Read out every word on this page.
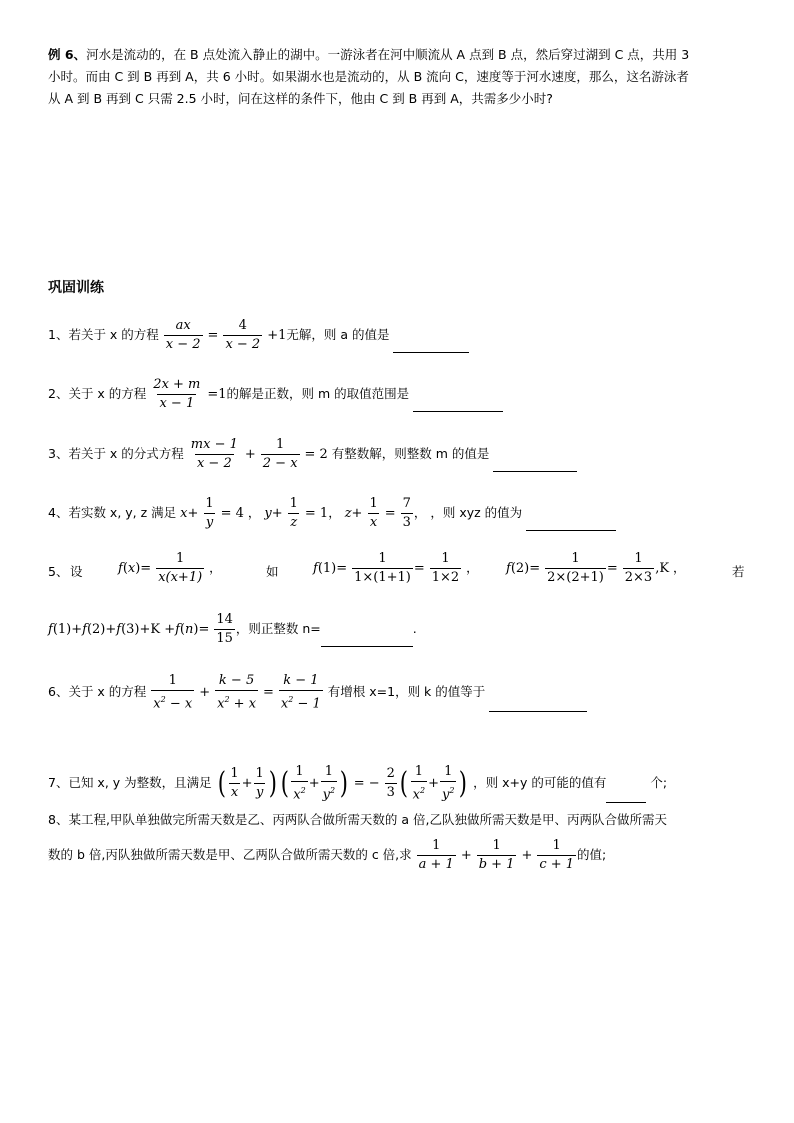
例 6、河水是流动的，在 B 点处流入静止的湖中。一游泳者在河中顺流从 A 点到 B 点，然后穿过湖到 C 点，共用 3
小时。而由 C 到 B 再到 A，共 6 小时。如果湖水也是流动的，从 B 流向 C，速度等于河水速度，那么，这名游泳者
从 A 到 B 再到 C 只需 2.5 小时，问在这样的条件下，他由 C 到 B 再到 A，共需多少小时?
巩固训练
1、若关于 x 的方程 $\frac{ax}{x - 2} = \frac{4}{x - 2} +1$无解，则 a 的值是
2、关于 x 的方程 $\frac{2x + m}{x - 1} =1$的解是正数，则 m 的取值范围是
3、若关于 x 的分式方程 $\frac{mx - 1}{x - 2} + \frac{1}{2 - x} = 2$ 有整数解，则整数 m 的值是
4、若实数 x, y, z 满足 $x+ \frac{1}{y} = 4$ ， $y+ \frac{1}{z} = 1$， $z+ \frac{1}{x} = \frac{7}{3}$ ， ，则 xyz 的值为
5、 设	$f(x)= \frac{1}{x(x+1)}$ ，	如	$f(1)= \frac{1}{1\times(1+1)} = \frac{1}{1\times 2}$ ， $f(2)= \frac{1}{2\times(2+1)} = \frac{1}{2\times 3} ,K$ ，	若
$f(1)+f(2)+f(3)+K +f(n)= \frac{14}{15}$ ，则正整数 n=	.
6、关于 x 的方程 $\frac{1}{x^2 - x} + \frac{k - 5}{x^2 + x} = \frac{k - 1}{x^2 - 1}$ 有增根 x=1，则 k 的值等于
7、已知 x, y 为整数，且满足 ( $\frac{1}{x} + \frac{1}{y}$ ) ( $\frac{1}{x^2} + \frac{1}{y^2}$ ) = − $\frac{2}{3}$ ( $\frac{1}{x^2} + \frac{1}{y^2}$ ) ，则 x+y 的可能的值有	个;
8、某工程,甲队单独做完所需天数是乙、丙两队合做所需天数的 a 倍,乙队独做所需天数是甲、丙两队合做所需天
数的 b 倍,丙队独做所需天数是甲、乙两队合做所需天数的 c 倍,求 $\frac{1}{a + 1} + \frac{1}{b + 1} + \frac{1}{c + 1}$ 的值;
